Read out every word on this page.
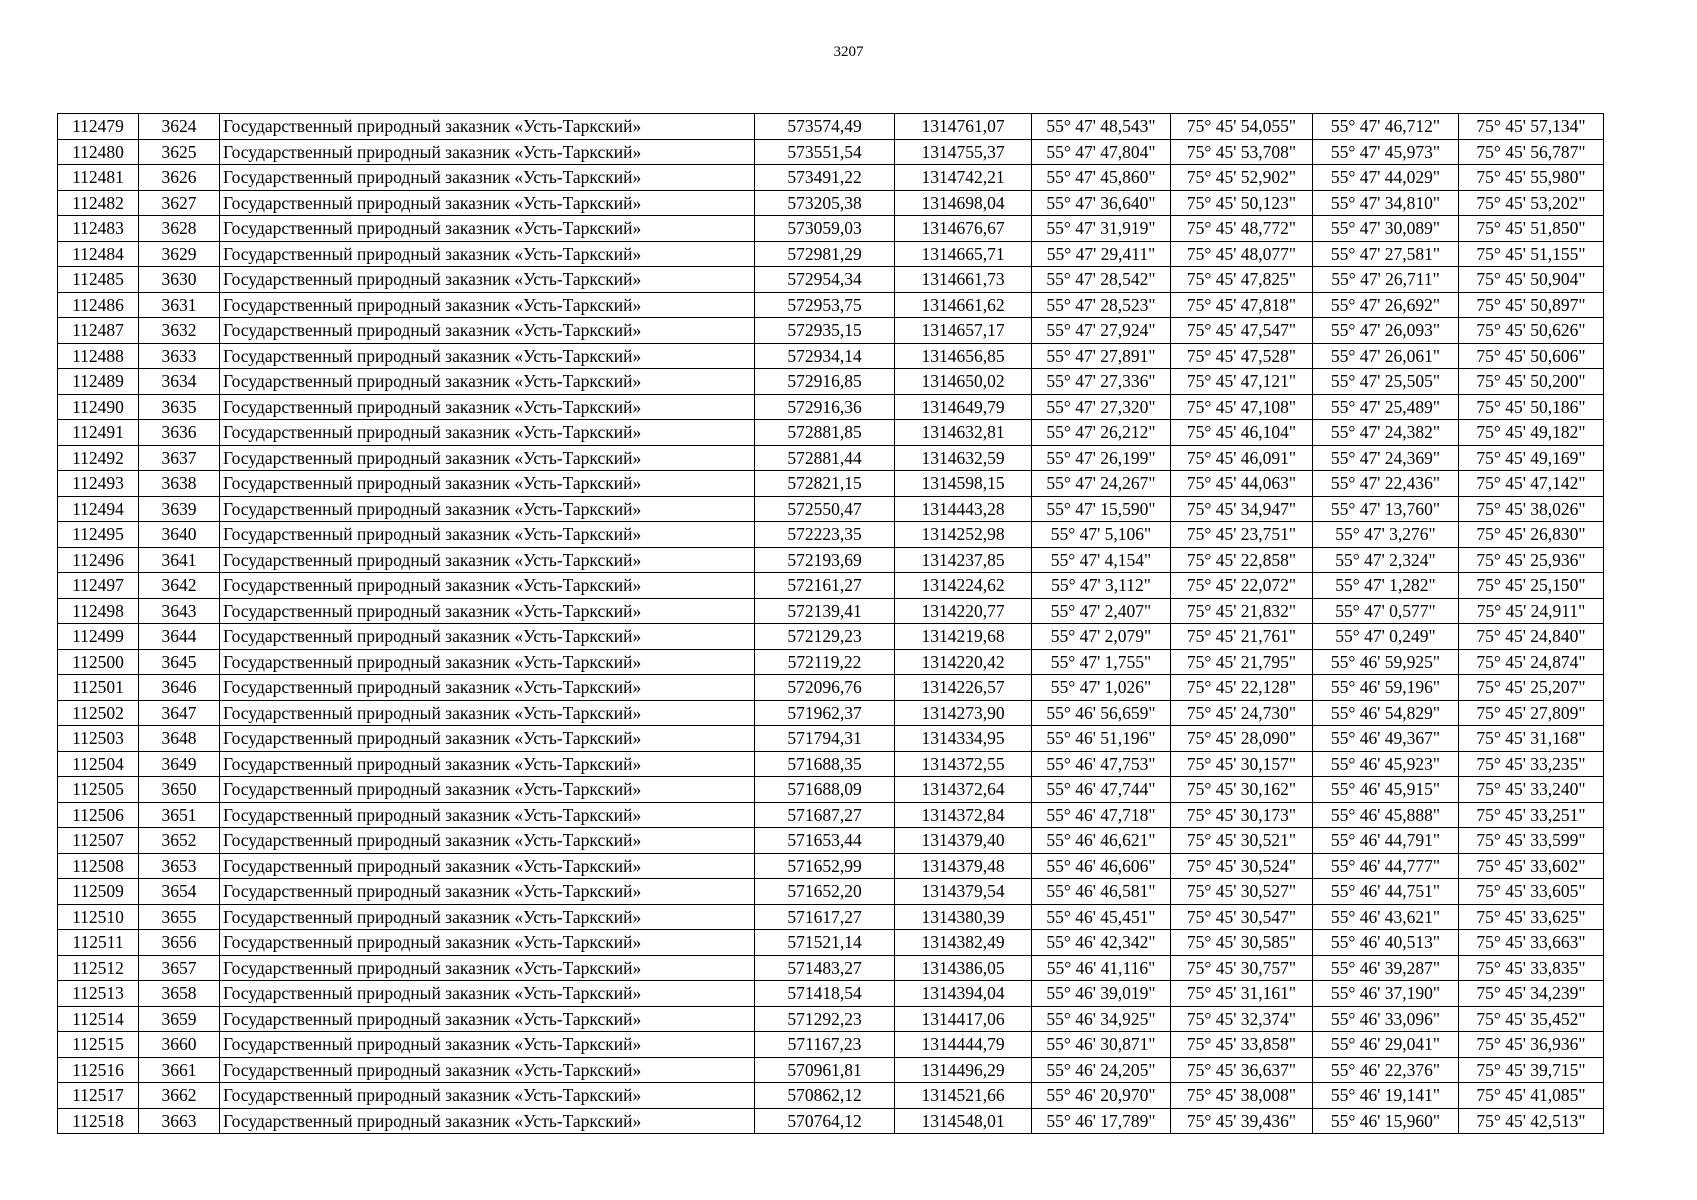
3207
112479	3624	Государственный природный заказник «Усть-Таркский»	573574,49	1314761,07	55° 47' 48,543"	75° 45' 54,055"	55° 47' 46,712"	75° 45' 57,134"
112480	3625	Государственный природный заказник «Усть-Таркский»	573551,54	1314755,37	55° 47' 47,804"	75° 45' 53,708"	55° 47' 45,973"	75° 45' 56,787"
112481	3626	Государственный природный заказник «Усть-Таркский»	573491,22	1314742,21	55° 47' 45,860"	75° 45' 52,902"	55° 47' 44,029"	75° 45' 55,980"
112482	3627	Государственный природный заказник «Усть-Таркский»	573205,38	1314698,04	55° 47' 36,640"	75° 45' 50,123"	55° 47' 34,810"	75° 45' 53,202"
112483	3628	Государственный природный заказник «Усть-Таркский»	573059,03	1314676,67	55° 47' 31,919"	75° 45' 48,772"	55° 47' 30,089"	75° 45' 51,850"
112484	3629	Государственный природный заказник «Усть-Таркский»	572981,29	1314665,71	55° 47' 29,411"	75° 45' 48,077"	55° 47' 27,581"	75° 45' 51,155"
112485	3630	Государственный природный заказник «Усть-Таркский»	572954,34	1314661,73	55° 47' 28,542"	75° 45' 47,825"	55° 47' 26,711"	75° 45' 50,904"
112486	3631	Государственный природный заказник «Усть-Таркский»	572953,75	1314661,62	55° 47' 28,523"	75° 45' 47,818"	55° 47' 26,692"	75° 45' 50,897"
112487	3632	Государственный природный заказник «Усть-Таркский»	572935,15	1314657,17	55° 47' 27,924"	75° 45' 47,547"	55° 47' 26,093"	75° 45' 50,626"
112488	3633	Государственный природный заказник «Усть-Таркский»	572934,14	1314656,85	55° 47' 27,891"	75° 45' 47,528"	55° 47' 26,061"	75° 45' 50,606"
112489	3634	Государственный природный заказник «Усть-Таркский»	572916,85	1314650,02	55° 47' 27,336"	75° 45' 47,121"	55° 47' 25,505"	75° 45' 50,200"
112490	3635	Государственный природный заказник «Усть-Таркский»	572916,36	1314649,79	55° 47' 27,320"	75° 45' 47,108"	55° 47' 25,489"	75° 45' 50,186"
112491	3636	Государственный природный заказник «Усть-Таркский»	572881,85	1314632,81	55° 47' 26,212"	75° 45' 46,104"	55° 47' 24,382"	75° 45' 49,182"
112492	3637	Государственный природный заказник «Усть-Таркский»	572881,44	1314632,59	55° 47' 26,199"	75° 45' 46,091"	55° 47' 24,369"	75° 45' 49,169"
112493	3638	Государственный природный заказник «Усть-Таркский»	572821,15	1314598,15	55° 47' 24,267"	75° 45' 44,063"	55° 47' 22,436"	75° 45' 47,142"
112494	3639	Государственный природный заказник «Усть-Таркский»	572550,47	1314443,28	55° 47' 15,590"	75° 45' 34,947"	55° 47' 13,760"	75° 45' 38,026"
112495	3640	Государственный природный заказник «Усть-Таркский»	572223,35	1314252,98	55° 47' 5,106"	75° 45' 23,751"	55° 47' 3,276"	75° 45' 26,830"
112496	3641	Государственный природный заказник «Усть-Таркский»	572193,69	1314237,85	55° 47' 4,154"	75° 45' 22,858"	55° 47' 2,324"	75° 45' 25,936"
112497	3642	Государственный природный заказник «Усть-Таркский»	572161,27	1314224,62	55° 47' 3,112"	75° 45' 22,072"	55° 47' 1,282"	75° 45' 25,150"
112498	3643	Государственный природный заказник «Усть-Таркский»	572139,41	1314220,77	55° 47' 2,407"	75° 45' 21,832"	55° 47' 0,577"	75° 45' 24,911"
112499	3644	Государственный природный заказник «Усть-Таркский»	572129,23	1314219,68	55° 47' 2,079"	75° 45' 21,761"	55° 47' 0,249"	75° 45' 24,840"
112500	3645	Государственный природный заказник «Усть-Таркский»	572119,22	1314220,42	55° 47' 1,755"	75° 45' 21,795"	55° 46' 59,925"	75° 45' 24,874"
112501	3646	Государственный природный заказник «Усть-Таркский»	572096,76	1314226,57	55° 47' 1,026"	75° 45' 22,128"	55° 46' 59,196"	75° 45' 25,207"
112502	3647	Государственный природный заказник «Усть-Таркский»	571962,37	1314273,90	55° 46' 56,659"	75° 45' 24,730"	55° 46' 54,829"	75° 45' 27,809"
112503	3648	Государственный природный заказник «Усть-Таркский»	571794,31	1314334,95	55° 46' 51,196"	75° 45' 28,090"	55° 46' 49,367"	75° 45' 31,168"
112504	3649	Государственный природный заказник «Усть-Таркский»	571688,35	1314372,55	55° 46' 47,753"	75° 45' 30,157"	55° 46' 45,923"	75° 45' 33,235"
112505	3650	Государственный природный заказник «Усть-Таркский»	571688,09	1314372,64	55° 46' 47,744"	75° 45' 30,162"	55° 46' 45,915"	75° 45' 33,240"
112506	3651	Государственный природный заказник «Усть-Таркский»	571687,27	1314372,84	55° 46' 47,718"	75° 45' 30,173"	55° 46' 45,888"	75° 45' 33,251"
112507	3652	Государственный природный заказник «Усть-Таркский»	571653,44	1314379,40	55° 46' 46,621"	75° 45' 30,521"	55° 46' 44,791"	75° 45' 33,599"
112508	3653	Государственный природный заказник «Усть-Таркский»	571652,99	1314379,48	55° 46' 46,606"	75° 45' 30,524"	55° 46' 44,777"	75° 45' 33,602"
112509	3654	Государственный природный заказник «Усть-Таркский»	571652,20	1314379,54	55° 46' 46,581"	75° 45' 30,527"	55° 46' 44,751"	75° 45' 33,605"
112510	3655	Государственный природный заказник «Усть-Таркский»	571617,27	1314380,39	55° 46' 45,451"	75° 45' 30,547"	55° 46' 43,621"	75° 45' 33,625"
112511	3656	Государственный природный заказник «Усть-Таркский»	571521,14	1314382,49	55° 46' 42,342"	75° 45' 30,585"	55° 46' 40,513"	75° 45' 33,663"
112512	3657	Государственный природный заказник «Усть-Таркский»	571483,27	1314386,05	55° 46' 41,116"	75° 45' 30,757"	55° 46' 39,287"	75° 45' 33,835"
112513	3658	Государственный природный заказник «Усть-Таркский»	571418,54	1314394,04	55° 46' 39,019"	75° 45' 31,161"	55° 46' 37,190"	75° 45' 34,239"
112514	3659	Государственный природный заказник «Усть-Таркский»	571292,23	1314417,06	55° 46' 34,925"	75° 45' 32,374"	55° 46' 33,096"	75° 45' 35,452"
112515	3660	Государственный природный заказник «Усть-Таркский»	571167,23	1314444,79	55° 46' 30,871"	75° 45' 33,858"	55° 46' 29,041"	75° 45' 36,936"
112516	3661	Государственный природный заказник «Усть-Таркский»	570961,81	1314496,29	55° 46' 24,205"	75° 45' 36,637"	55° 46' 22,376"	75° 45' 39,715"
112517	3662	Государственный природный заказник «Усть-Таркский»	570862,12	1314521,66	55° 46' 20,970"	75° 45' 38,008"	55° 46' 19,141"	75° 45' 41,085"
112518	3663	Государственный природный заказник «Усть-Таркский»	570764,12	1314548,01	55° 46' 17,789"	75° 45' 39,436"	55° 46' 15,960"	75° 45' 42,513"
